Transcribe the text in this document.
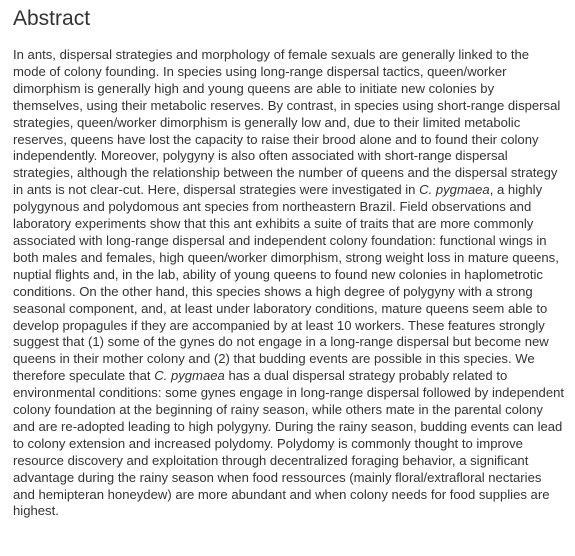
Abstract

In ants, dispersal strategies and morphology of female sexuals are generally linked to the mode of colony founding. In species using long-range dispersal tactics, queen/worker dimorphism is generally high and young queens are able to initiate new colonies by themselves, using their metabolic reserves. By contrast, in species using short-range dispersal strategies, queen/worker dimorphism is generally low and, due to their limited metabolic reserves, queens have lost the capacity to raise their brood alone and to found their colony independently. Moreover, polygyny is also often associated with short-range dispersal strategies, although the relationship between the number of queens and the dispersal strategy in ants is not clear-cut. Here, dispersal strategies were investigated in C. pygmaea, a highly polygynous and polydomous ant species from northeastern Brazil. Field observations and laboratory experiments show that this ant exhibits a suite of traits that are more commonly associated with long-range dispersal and independent colony foundation: functional wings in both males and females, high queen/worker dimorphism, strong weight loss in mature queens, nuptial flights and, in the lab, ability of young queens to found new colonies in haplometrotic conditions. On the other hand, this species shows a high degree of polygyny with a strong seasonal component, and, at least under laboratory conditions, mature queens seem able to develop propagules if they are accompanied by at least 10 workers. These features strongly suggest that (1) some of the gynes do not engage in a long-range dispersal but become new queens in their mother colony and (2) that budding events are possible in this species. We therefore speculate that C. pygmaea has a dual dispersal strategy probably related to environmental conditions: some gynes engage in long-range dispersal followed by independent colony foundation at the beginning of rainy season, while others mate in the parental colony and are re-adopted leading to high polygyny. During the rainy season, budding events can lead to colony extension and increased polydomy. Polydomy is commonly thought to improve resource discovery and exploitation through decentralized foraging behavior, a significant advantage during the rainy season when food ressources (mainly floral/extrafloral nectaries and hemipteran honeydew) are more abundant and when colony needs for food supplies are highest.
